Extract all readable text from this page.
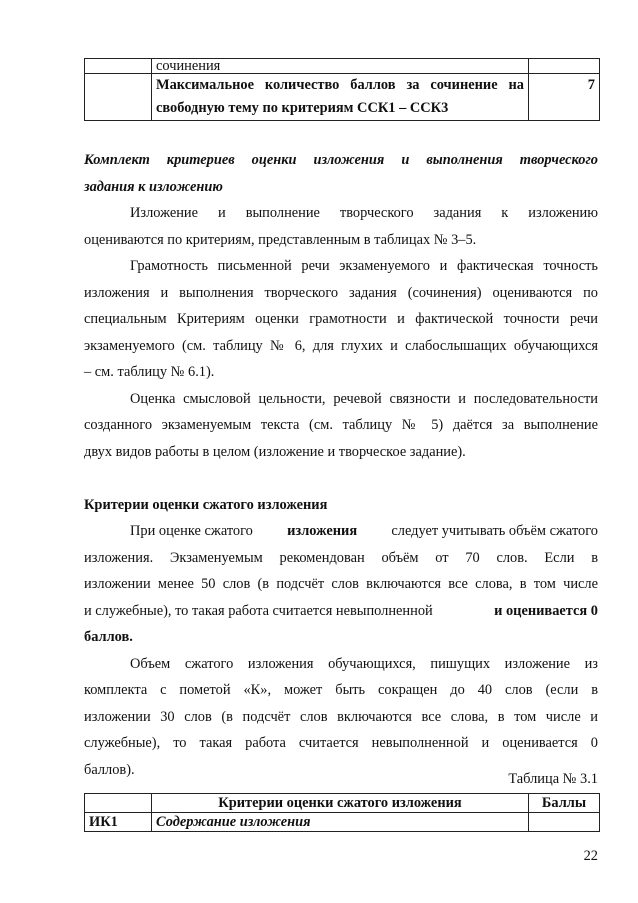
	сочинения	

	Максимальное количество баллов за сочинение на
свободную тему по критериям ССК1 – ССК3	7
Комплект критериев оценки изложения и выполнения творческого
задания к изложению
Изложение и выполнение творческого задания к изложению
оцениваются по критериям, представленным в таблицах № 3–5.
Грамотность письменной речи экзаменуемого и фактическая точность
изложения и выполнения творческого задания (сочинения) оцениваются по
специальным Критериям оценки грамотности и фактической точности речи
экзаменуемого (см. таблицу № 6, для глухих и слабослышащих обучающихся
– см. таблицу № 6.1).
Оценка смысловой цельности, речевой связности и последовательности
созданного экзаменуемым текста (см. таблицу № 5) даётся за выполнение
двух видов работы в целом (изложение и творческое задание).
Критерии оценки сжатого изложения
При оценке сжатого изложения следует учитывать объём сжатого
изложения. Экзаменуемым рекомендован объём от 70 слов. Если в
изложении менее 50 слов (в подсчёт слов включаются все слова, в том числе
и служебные), то такая работа считается невыполненной	и оценивается 0
баллов.
Объем сжатого изложения обучающихся, пишущих изложение из
комплекта с пометой «К», может быть сокращен до 40 слов (если в
изложении 30 слов (в подсчёт слов включаются все слова, в том числе и
служебные), то такая работа считается невыполненной и оценивается 0
баллов).
Таблица № 3.1
	Критерии оценки сжатого изложения	Баллы
ИК1	Содержание изложения	
22
